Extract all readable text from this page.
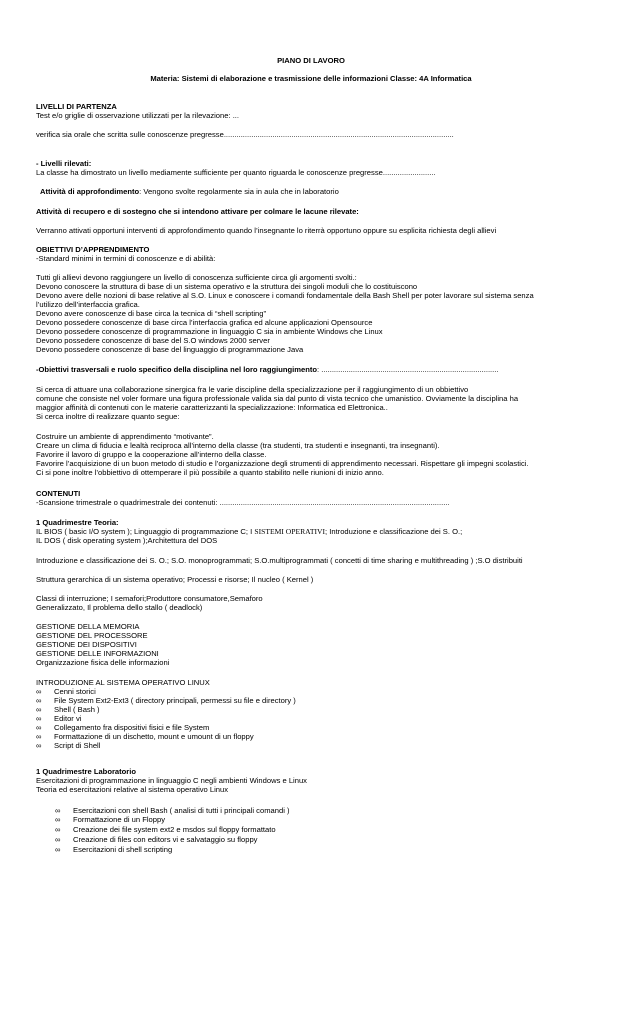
PIANO DI LAVORO
Materia: Sistemi di elaborazione e trasmissione delle informazioni Classe: 4A Informatica
LIVELLI DI PARTENZA
Test e/o griglie di osservazione utilizzati per la rilevazione: ...
verifica sia orale che scritta sulle conoscenze pregresse.............................................................................................................
- Livelli rilevati:
La classe ha dimostrato un livello mediamente sufficiente per quanto riguarda le conoscenze pregresse.........................
Attività di approfondimento: Vengono svolte regolarmente sia in aula che in laboratorio
Attività di recupero e di sostegno che si intendono attivare per colmare le lacune rilevate:
Verranno attivati opportuni interventi di approfondimento quando l’insegnante lo riterrà opportuno oppure su esplicita richiesta degli allievi
OBIETTIVI D’APPRENDIMENTO
-Standard minimi in termini di conoscenze e di abilità:
Tutti gli allievi devono raggiungere un livello di conoscenza sufficiente circa gli argomenti svolti.:
Devono conoscere la struttura di base di un sistema operativo e la struttura dei singoli moduli che lo costituiscono
Devono avere delle nozioni di base relative al S.O. Linux e conoscere i comandi fondamentale della Bash Shell per poter lavorare sul sistema senza
l’utilizzo dell’interfaccia grafica.
Devono avere conoscenze di base circa la tecnica di “shell scripting”
Devono possedere conoscenze di base circa l’interfaccia grafica ed alcune applicazioni Opensource
Devono possedere conoscenze di programmazione in linguaggio C sia in ambiente Windows che Linux
Devono possedere conoscenze di base del S.O windows 2000 server
Devono possedere conoscenze di base del linguaggio di programmazione Java
-Obiettivi trasversali e ruolo specifico della disciplina nel loro raggiungimento: ....................................................................................
Si cerca di attuare una collaborazione sinergica fra le varie discipline della specializzazione per il raggiungimento di un obbiettivo
comune che consiste nel voler formare una figura professionale valida sia dal punto di vista tecnico che umanistico. Ovviamente la disciplina ha
maggior affinità di contenuti con le materie caratterizzanti la specializzazione: Informatica ed Elettronica..
Si cerca inoltre di realizzare quanto segue:
Costruire un ambiente di apprendimento “motivante”.
Creare un clima di fiducia e lealtà reciproca all’interno della classe (tra studenti, tra studenti e insegnanti, tra insegnanti).
Favorire il lavoro di gruppo e la cooperazione all’interno della classe.
Favorire l’acquisizione di un buon metodo di studio e l’organizzazione degli strumenti di apprendimento necessari. Rispettare gli impegni scolastici.
Ci si pone inoltre l’obbiettivo di ottemperare il più possibile a quanto stabilito nelle riunioni di inizio anno.
CONTENUTI
-Scansione trimestrale o quadrimestrale dei contenuti: .............................................................................................................
1 Quadrimestre Teoria:
IL BIOS ( basic I/O system ); Linguaggio di programmazione C; I SISTEMI OPERATIVI; Introduzione e classificazione dei S. O.;
IL DOS ( disk operating system );Architettura del DOS
Introduzione e classificazione dei S. O.; S.O. monoprogrammati; S.O.multiprogrammati ( concetti di time sharing e multithreading ) ;S.O distribuiti
Struttura gerarchica di un sistema operativo; Processi e risorse; Il nucleo ( Kernel )
Classi di interruzione; I semafori;Produttore consumatore,Semaforo
Generalizzato, Il problema dello stallo ( deadlock)
GESTIONE DELLA MEMORIA
GESTIONE DEL PROCESSORE
GESTIONE DEI DISPOSITIVI
GESTIONE DELLE INFORMAZIONI
Organizzazione fisica delle informazioni
INTRODUZIONE AL SISTEMA OPERATIVO LINUX
∞ Cenni storici
∞ File System Ext2-Ext3 ( directory principali, permessi su file e directory )
∞ Shell ( Bash )
∞ Editor vi
∞ Collegamento fra dispositivi fisici e file System
∞ Formattazione di un dischetto, mount e umount di un floppy
∞ Script di Shell
1 Quadrimestre Laboratorio
Esercitazioni di programmazione in linguaggio C negli ambienti Windows e Linux
Teoria ed esercitazioni relative al sistema operativo Linux
∞ Esercitazioni con shell Bash ( analisi di tutti i principali comandi )
∞ Formattazione di un Floppy
∞ Creazione dei file system ext2 e msdos sul floppy formattato
∞ Creazione di files con editors vi e salvataggio su floppy
∞ Esercitazioni di shell scripting
